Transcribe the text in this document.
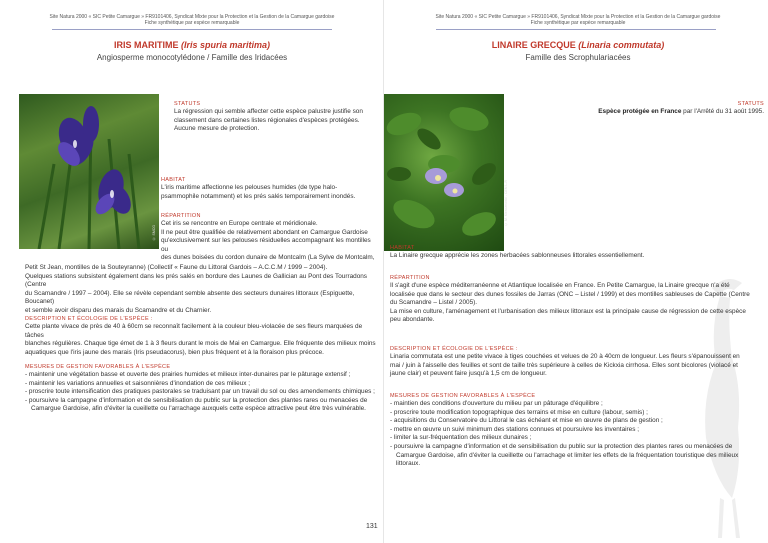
Site Natura 2000 « SIC Petite Camargue » FR9101406, Syndicat Mixte pour la Protection et la Gestion de la Camargue gardoise
Fiche synthétique par espèce remarquable
IRIS MARITIME (Iris spuria maritima)
Angiosperme monocotylédone / Famille des Iridacées
© SMCG
STATUTS
La régression qui semble affecter cette espèce palustre justifie son classement dans certaines listes régionales d'espèces protégées.
Aucune mesure de protection.
HABITAT
L'iris maritime affectionne les pelouses humides (de type halo-psammophile notamment) et les prés salés temporairement inondés.
RÉPARTITION
Cet iris se rencontre en Europe centrale et méridionale.
Il ne peut être qualifiée de relativement abondant en Camargue Gardoise
qu'exclusivement sur les pelouses résiduelles accompagnant les montilles ou
des dunes boisées du cordon dunaire de Montcalm (La Sylve de Montcalm,
Petit St Jean, montilles de la Souteyranne) (Collectif « Faune du Littoral Gardois – A.C.C.M / 1999 – 2004).
Quelques stations subsistent également dans les prés salés en bordure des Launes de Gallician au Pont des Tourradons (Centre
du Scamandre / 1997 – 2004). Elle se révèle cependant semble absente des secteurs dunaires littoraux (Espiguette, Boucanet)
et semble avoir disparu des marais du Scamandre et du Charnier.
DESCRIPTION ET ÉCOLOGIE DE L'ESPÈCE :
Cette plante vivace de près de 40 à 60cm se reconnaît facilement à la couleur bleu-violacée de ses fleurs marquées de tâches
blanches régulières. Chaque tige émet de 1 à 3 fleurs durant le mois de Mai en Camargue. Elle fréquente des milieux moins
aquatiques que l'iris jaune des marais (Iris pseudacorus), bien plus fréquent et à la floraison plus précoce.
MESURES DE GESTION FAVORABLES À L'ESPÈCE
- maintenir une végétation basse et ouverte des prairies humides et milieux inter-dunaires par le pâturage extensif ;
- maintenir les variations annuelles et saisonnières d'inondation de ces milieux ;
- proscrire toute intensification des pratiques pastorales se traduisant par un travail du sol ou des amendements chimiques ;
- poursuivre la campagne d'information et de sensibilisation du public sur la protection des plantes rares ou menacées de
Camargue Gardoise, afin d'éviter la cueillette ou l'arrachage auxquels cette espèce attractive peut être très vulnérable.
Site Natura 2000 « SIC Petite Camargue » FR9101406, Syndicat Mixte pour la Protection et la Gestion de la Camargue gardoise
Fiche synthétique par espèce remarquable
LINAIRE GRECQUE (Linaria commutata)
Famille des Scrophulariacées
STATUTS
Espèce protégée en France par l'Arrêté du 31 août 1995.
© M. Klesczewski - CEN L-R
HABITAT
La Linaire grecque apprécie les zones herbacées sablonneuses littorales essentiellement.
RÉPARTITION
Il s'agit d'une espèce méditerranéenne et Atlantique localisée en France. En Petite Camargue, la Linaire grecque n'a été
localisée que dans le secteur des dunes fossiles de Jarras (ONC – Listel / 1999) et des montilles sableuses de Capette (Centre
du Scamandre – Listel / 2005).
La mise en culture, l'aménagement et l'urbanisation des milieux littoraux est la principale cause de régression de cette espèce
peu abondante.
DESCRIPTION ET ÉCOLOGIE DE L'ESPÈCE :
Linaria commutata est une petite vivace à tiges couchées et velues de 20 à 40cm de longueur. Les fleurs s'épanouissent en
mai / juin à l'aisselle des feuilles et sont de taille très supérieure à celles de Kickxia cirrhosa. Elles sont bicolores (violacé et
jaune clair) et peuvent faire jusqu'à 1,5 cm de longueur.
MESURES DE GESTION FAVORABLES À L'ESPÈCE
- maintien des conditions d'ouverture du milieu par un pâturage d'équilibre ;
- proscrire toute modification topographique des terrains et mise en culture (labour, semis) ;
- acquisitions du Conservatoire du Littoral le cas échéant et mise en œuvre de plans de gestion ;
- mettre en œuvre un suivi minimum des stations connues et poursuivre les inventaires ;
- limiter la sur-fréquentation des milieux dunaires ;
- poursuivre la campagne d'information et de sensibilisation du public sur la protection des plantes rares ou menacées de
Camargue Gardoise, afin d'éviter la cueillette ou l'arrachage et limiter les effets de la fréquentation touristique des milieux
littoraux.
131
